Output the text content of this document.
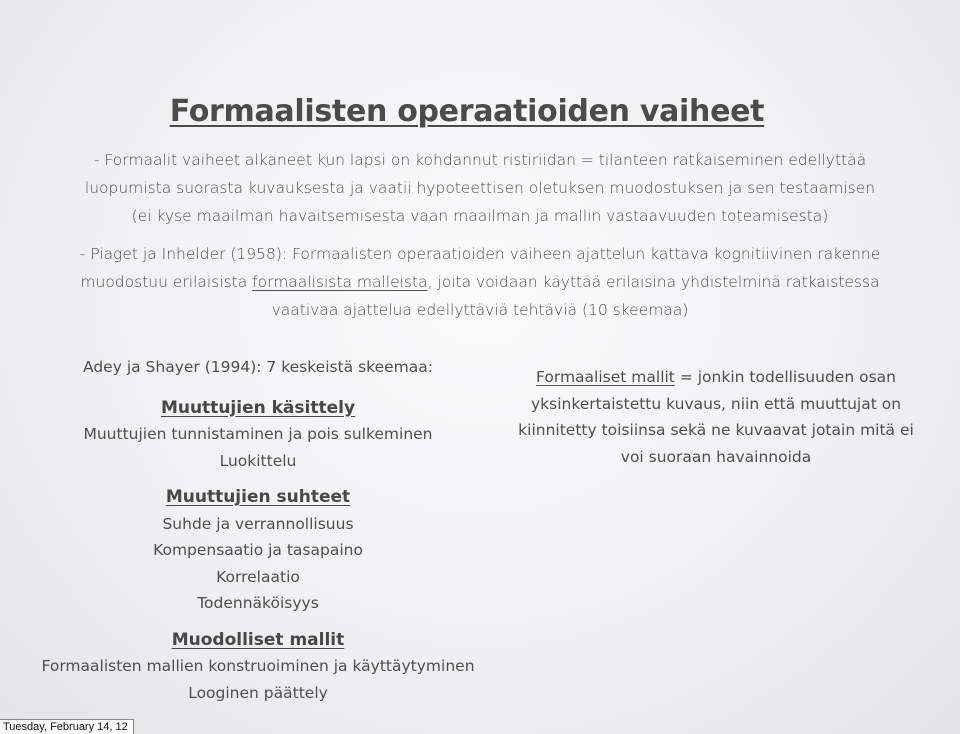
Formaalisten operaatioiden vaiheet

- Formaalit vaiheet alkaneet kun lapsi on kohdannut ristiriidan = tilanteen ratkaiseminen edellyttää
luopumista suorasta kuvauksesta ja vaatii hypoteettisen oletuksen muodostuksen ja sen testaamisen
(ei kyse maailman havaitsemisesta vaan maailman ja mallin vastaavuuden toteamisesta)

- Piaget ja Inhelder (1958): Formaalisten operaatioiden vaiheen ajattelun kattava kognitiivinen rakenne
muodostuu erilaisista formaalisista malleista, joita voidaan käyttää erilaisina yhdistelminä ratkaistessa
vaativaa ajattelua edellyttäviä tehtäviä (10 skeemaa)

Adey ja Shayer (1994): 7 keskeistä skeemaa:
Muuttujien käsittely
Muuttujien tunnistaminen ja pois sulkeminen
Luokittelu
Muuttujien suhteet
Suhde ja verrannollisuus
Kompensaatio ja tasapaino
Korrelaatio
Todennäköisyys
Muodolliset mallit
Formaalisten mallien konstruoiminen ja käyttäytyminen
Looginen päättely
Formaaliset mallit = jonkin todellisuuden osan
yksinkertaistettu kuvaus, niin että muuttujat on
kiinnitetty toisiinsa sekä ne kuvaavat jotain mitä ei
voi suoraan havainnoida
Tuesday, February 14, 12
